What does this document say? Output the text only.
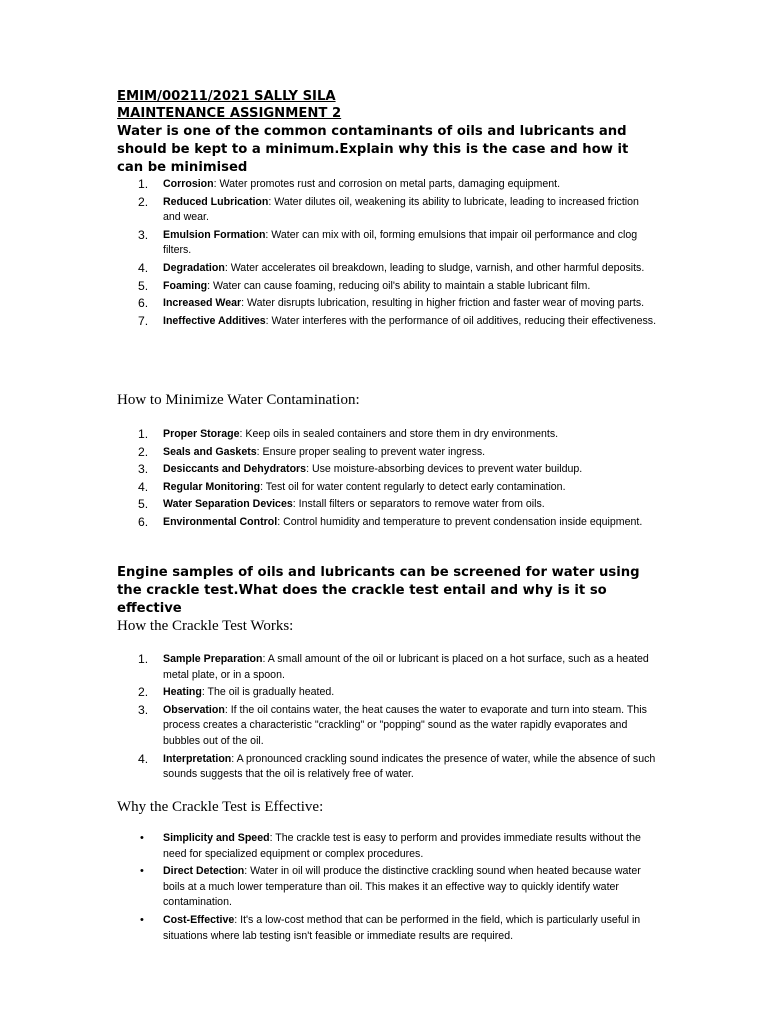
EMIM/00211/2021 SALLY SILA
MAINTENANCE ASSIGNMENT 2
Water is one of the common contaminants of oils and lubricants and should be kept to a minimum.Explain why this is the case and how it can be minimised
1. Corrosion: Water promotes rust and corrosion on metal parts, damaging equipment.
2. Reduced Lubrication: Water dilutes oil, weakening its ability to lubricate, leading to increased friction and wear.
3. Emulsion Formation: Water can mix with oil, forming emulsions that impair oil performance and clog filters.
4. Degradation: Water accelerates oil breakdown, leading to sludge, varnish, and other harmful deposits.
5. Foaming: Water can cause foaming, reducing oil's ability to maintain a stable lubricant film.
6. Increased Wear: Water disrupts lubrication, resulting in higher friction and faster wear of moving parts.
7. Ineffective Additives: Water interferes with the performance of oil additives, reducing their effectiveness.
How to Minimize Water Contamination:
1. Proper Storage: Keep oils in sealed containers and store them in dry environments.
2. Seals and Gaskets: Ensure proper sealing to prevent water ingress.
3. Desiccants and Dehydrators: Use moisture-absorbing devices to prevent water buildup.
4. Regular Monitoring: Test oil for water content regularly to detect early contamination.
5. Water Separation Devices: Install filters or separators to remove water from oils.
6. Environmental Control: Control humidity and temperature to prevent condensation inside equipment.
Engine samples of oils and lubricants can be screened for water using the crackle test.What does the crackle test entail and why is it so effective
How the Crackle Test Works:
1. Sample Preparation: A small amount of the oil or lubricant is placed on a hot surface, such as a heated metal plate, or in a spoon.
2. Heating: The oil is gradually heated.
3. Observation: If the oil contains water, the heat causes the water to evaporate and turn into steam. This process creates a characteristic "crackling" or "popping" sound as the water rapidly evaporates and bubbles out of the oil.
4. Interpretation: A pronounced crackling sound indicates the presence of water, while the absence of such sounds suggests that the oil is relatively free of water.
Why the Crackle Test is Effective:
• Simplicity and Speed: The crackle test is easy to perform and provides immediate results without the need for specialized equipment or complex procedures.
• Direct Detection: Water in oil will produce the distinctive crackling sound when heated because water boils at a much lower temperature than oil. This makes it an effective way to quickly identify water contamination.
• Cost-Effective: It's a low-cost method that can be performed in the field, which is particularly useful in situations where lab testing isn't feasible or immediate results are required.
